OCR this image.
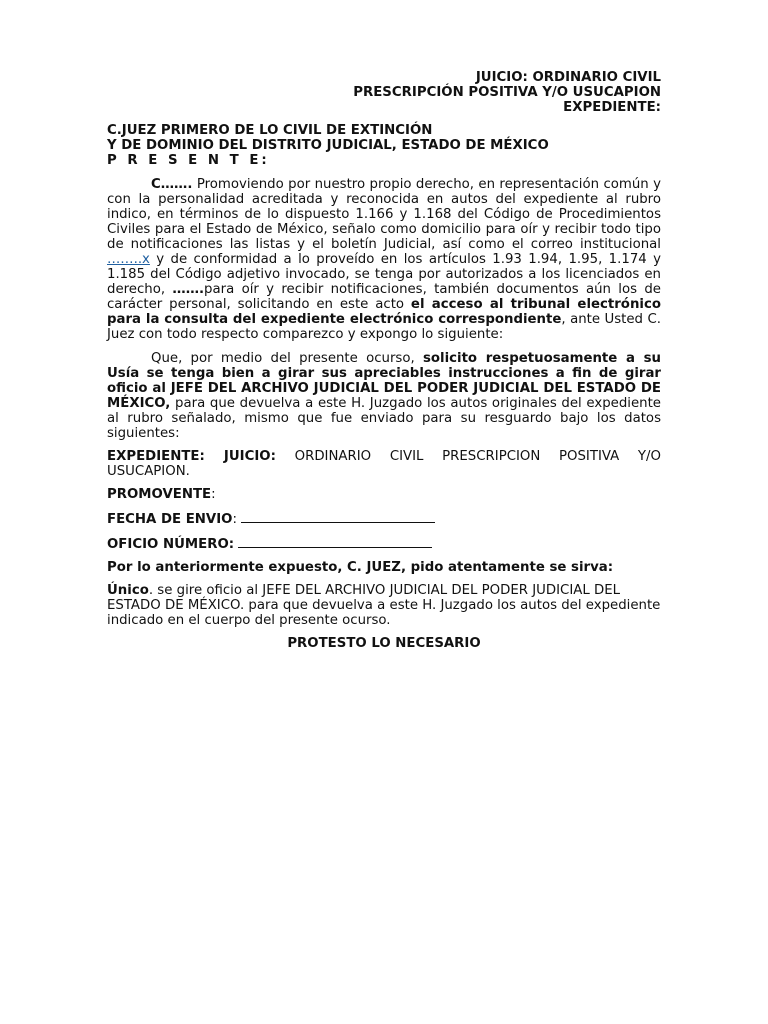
JUICIO: ORDINARIO CIVIL

PRESCRIPCIÓN POSITIVA Y/O USUCAPION

EXPEDIENTE:

C.JUEZ PRIMERO DE LO CIVIL DE EXTINCIÓN

Y DE DOMINIO DEL DISTRITO JUDICIAL, ESTADO DE MÉXICO

P R E S E N T E:

C……. Promoviendo por nuestro propio derecho, en representación común y con la personalidad acreditada y reconocida en autos del expediente al rubro indico, en términos de lo dispuesto 1.166 y 1.168 del Código de Procedimientos Civiles para el Estado de México, señalo como domicilio para oír y recibir todo tipo de notificaciones las listas y el boletín Judicial, así como el correo institucional ……..x y de conformidad a lo proveído en los artículos 1.93 1.94, 1.95, 1.174 y 1.185 del Código adjetivo invocado, se tenga por autorizados a los licenciados en derecho, …….para oír y recibir notificaciones, también documentos aún los de carácter personal, solicitando en este acto el acceso al tribunal electrónico para la consulta del expediente electrónico correspondiente, ante Usted C. Juez con todo respecto comparezco y expongo lo siguiente:

Que, por medio del presente ocurso, solicito respetuosamente a su Usía se tenga bien a girar sus apreciables instrucciones a fin de girar oficio al JEFE DEL ARCHIVO JUDICIAL DEL PODER JUDICIAL DEL ESTADO DE MÉXICO, para que devuelva a este H. Juzgado los autos originales del expediente al rubro señalado, mismo que fue enviado para su resguardo bajo los datos siguientes:

EXPEDIENTE: JUICIO: ORDINARIO CIVIL PRESCRIPCION POSITIVA Y/O USUCAPION.

PROMOVENTE:

FECHA DE ENVIO:

OFICIO NÚMERO:

Por lo anteriormente expuesto, C. JUEZ, pido atentamente se sirva:

Único. se gire oficio al JEFE DEL ARCHIVO JUDICIAL DEL PODER JUDICIAL DEL ESTADO DE MÉXICO. para que devuelva a este H. Juzgado los autos del expediente indicado en el cuerpo del presente ocurso.

PROTESTO LO NECESARIO
